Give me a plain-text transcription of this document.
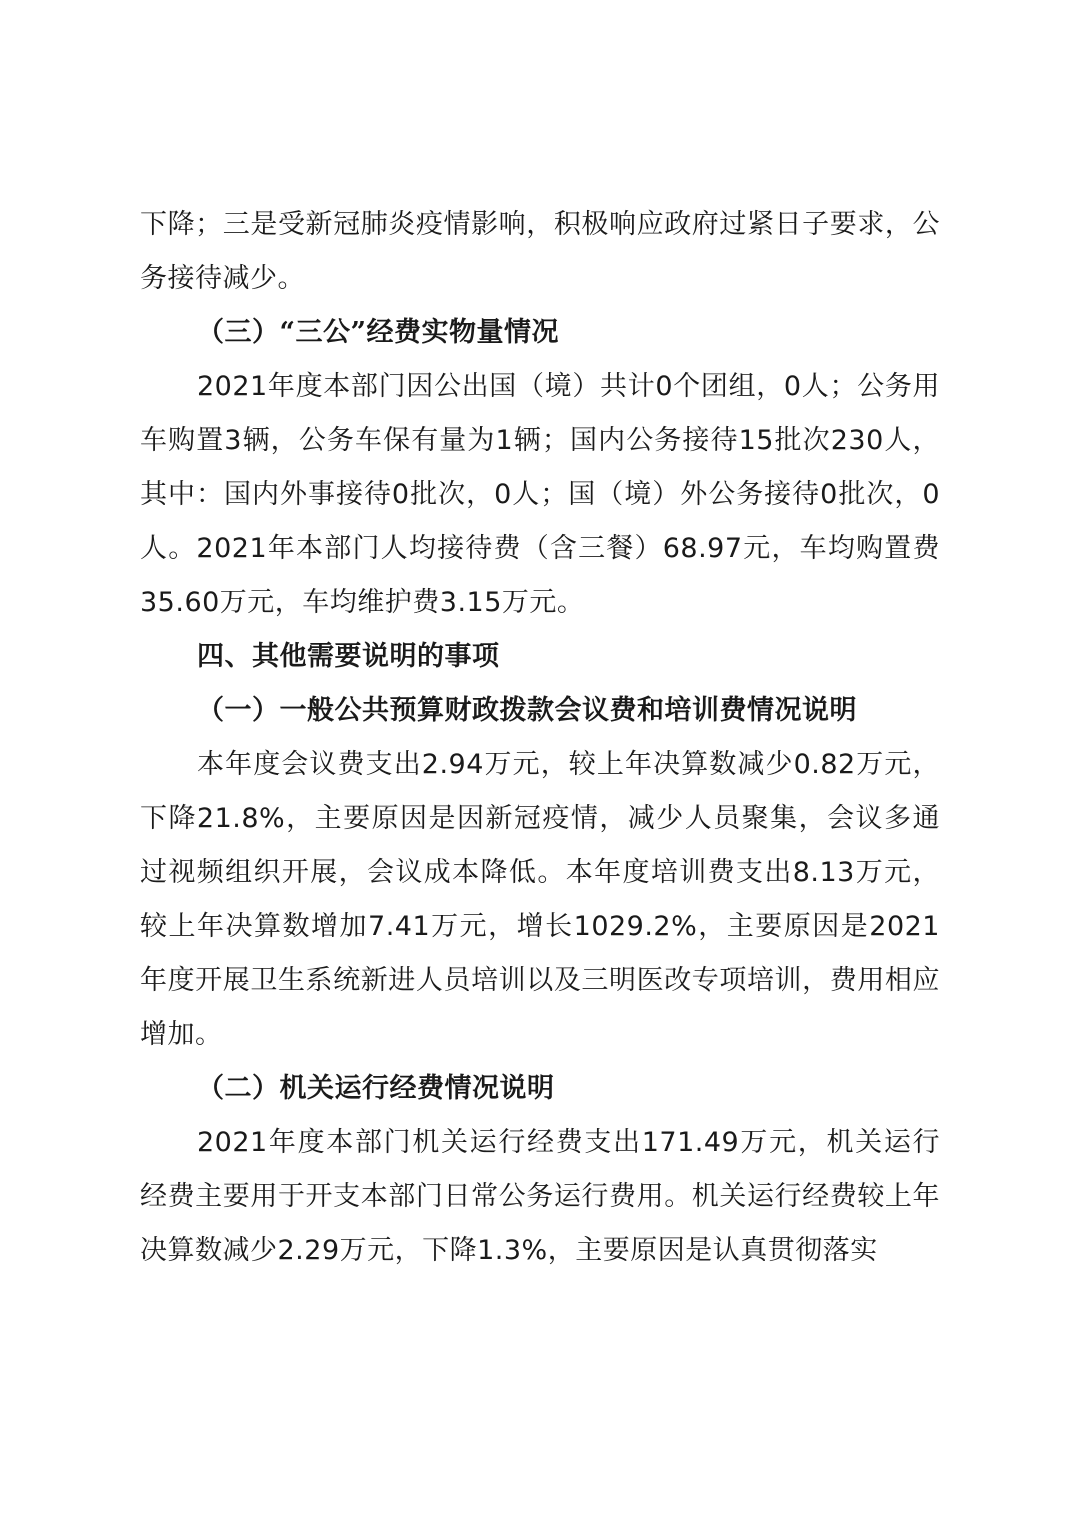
下降；三是受新冠肺炎疫情影响，积极响应政府过紧日子要求，公务接待减少。

（三）“三公”经费实物量情况

2021年度本部门因公出国（境）共计0个团组，0人；公务用车购置3辆，公务车保有量为1辆；国内公务接待15批次230人，其中：国内外事接待0批次，0人；国（境）外公务接待0批次，0人。2021年本部门人均接待费（含三餐）68.97元，车均购置费35.60万元，车均维护费3.15万元。

四、其他需要说明的事项

（一）一般公共预算财政拨款会议费和培训费情况说明

本年度会议费支出2.94万元，较上年决算数减少0.82万元，下降21.8%，主要原因是因新冠疫情，减少人员聚集，会议多通过视频组织开展，会议成本降低。本年度培训费支出8.13万元，较上年决算数增加7.41万元，增长1029.2%，主要原因是2021年度开展卫生系统新进人员培训以及三明医改专项培训，费用相应增加。

（二）机关运行经费情况说明

2021年度本部门机关运行经费支出171.49万元，机关运行经费主要用于开支本部门日常公务运行费用。机关运行经费较上年决算数减少2.29万元，下降1.3%，主要原因是认真贯彻落实
